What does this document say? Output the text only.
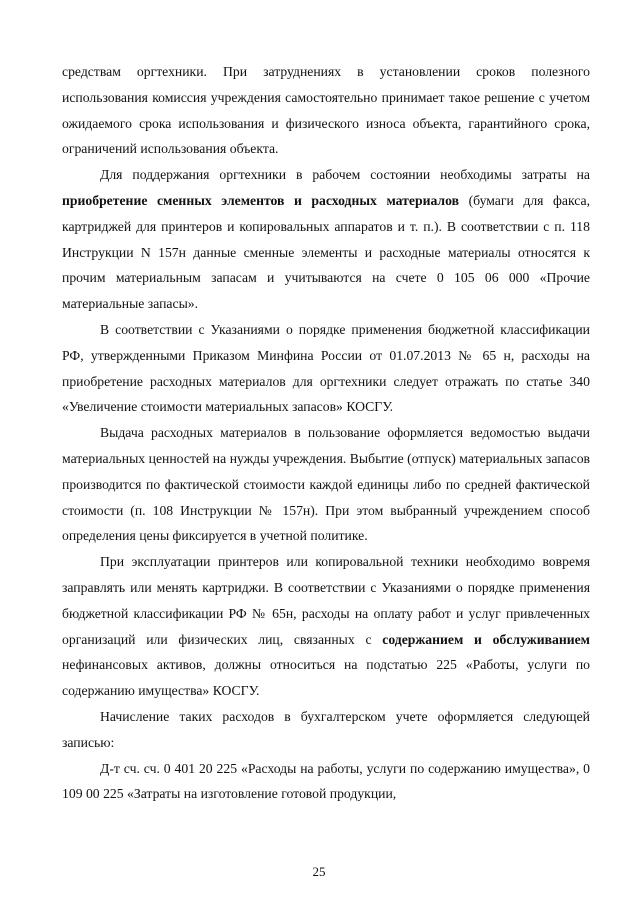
средствам оргтехники. При затруднениях в установлении сроков полезного использования комиссия учреждения самостоятельно принимает такое решение с учетом ожидаемого срока использования и физического износа объекта, гарантийного срока, ограничений использования объекта.

Для поддержания оргтехники в рабочем состоянии необходимы затраты на приобретение сменных элементов и расходных материалов (бумаги для факса, картриджей для принтеров и копировальных аппаратов и т. п.). В соответствии с п. 118 Инструкции N 157н данные сменные элементы и расходные материалы относятся к прочим материальным запасам и учитываются на счете 0 105 06 000 «Прочие материальные запасы».

В соответствии с Указаниями о порядке применения бюджетной классификации РФ, утвержденными Приказом Минфина России от 01.07.2013 № 65 н, расходы на приобретение расходных материалов для оргтехники следует отражать по статье 340 «Увеличение стоимости материальных запасов» КОСГУ.

Выдача расходных материалов в пользование оформляется ведомостью выдачи материальных ценностей на нужды учреждения. Выбытие (отпуск) материальных запасов производится по фактической стоимости каждой единицы либо по средней фактической стоимости (п. 108 Инструкции № 157н). При этом выбранный учреждением способ определения цены фиксируется в учетной политике.

При эксплуатации принтеров или копировальной техники необходимо вовремя заправлять или менять картриджи. В соответствии с Указаниями о порядке применения бюджетной классификации РФ № 65н, расходы на оплату работ и услуг привлеченных организаций или физических лиц, связанных с содержанием и обслуживанием нефинансовых активов, должны относиться на подстатью 225 «Работы, услуги по содержанию имущества» КОСГУ.

Начисление таких расходов в бухгалтерском учете оформляется следующей записью:

Д-т сч. сч. 0 401 20 225 «Расходы на работы, услуги по содержанию имущества», 0 109 00 225 «Затраты на изготовление готовой продукции,

25
